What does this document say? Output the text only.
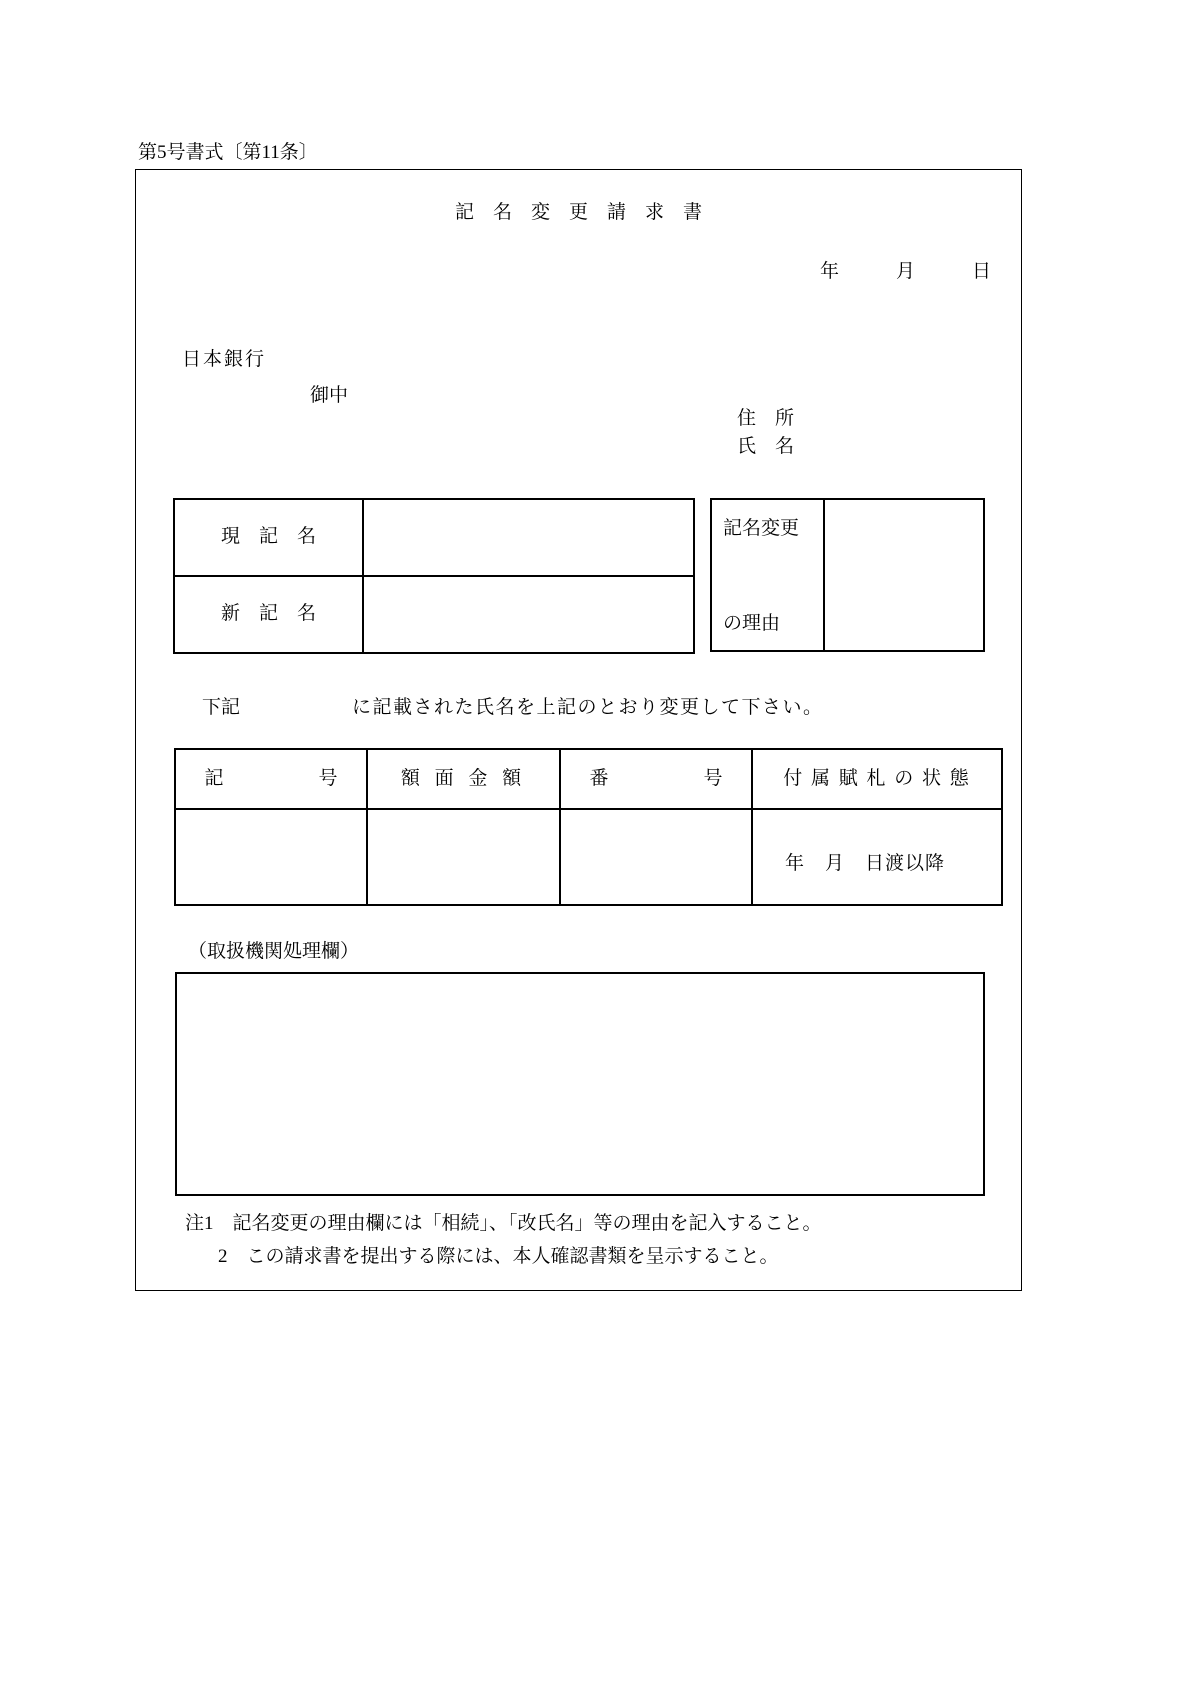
第5号書式〔第11条〕
記　名　変　更　請　求　書
年　　　月　　　日
日本銀行
御中
住　所
氏　名
現　記　名	
新　記　名	
記名変更
の理由
下記	に記載された氏名を上記のとおり変更して下さい。
記　　　　　号	額 面 金 額	番　　　　　号	付 属 賦 札 の 状 態
			年　月　日渡以降
（取扱機関処理欄）
注1　記名変更の理由欄には「相続」、「改氏名」等の理由を記入すること。
2　この請求書を提出する際には、本人確認書類を呈示すること。
